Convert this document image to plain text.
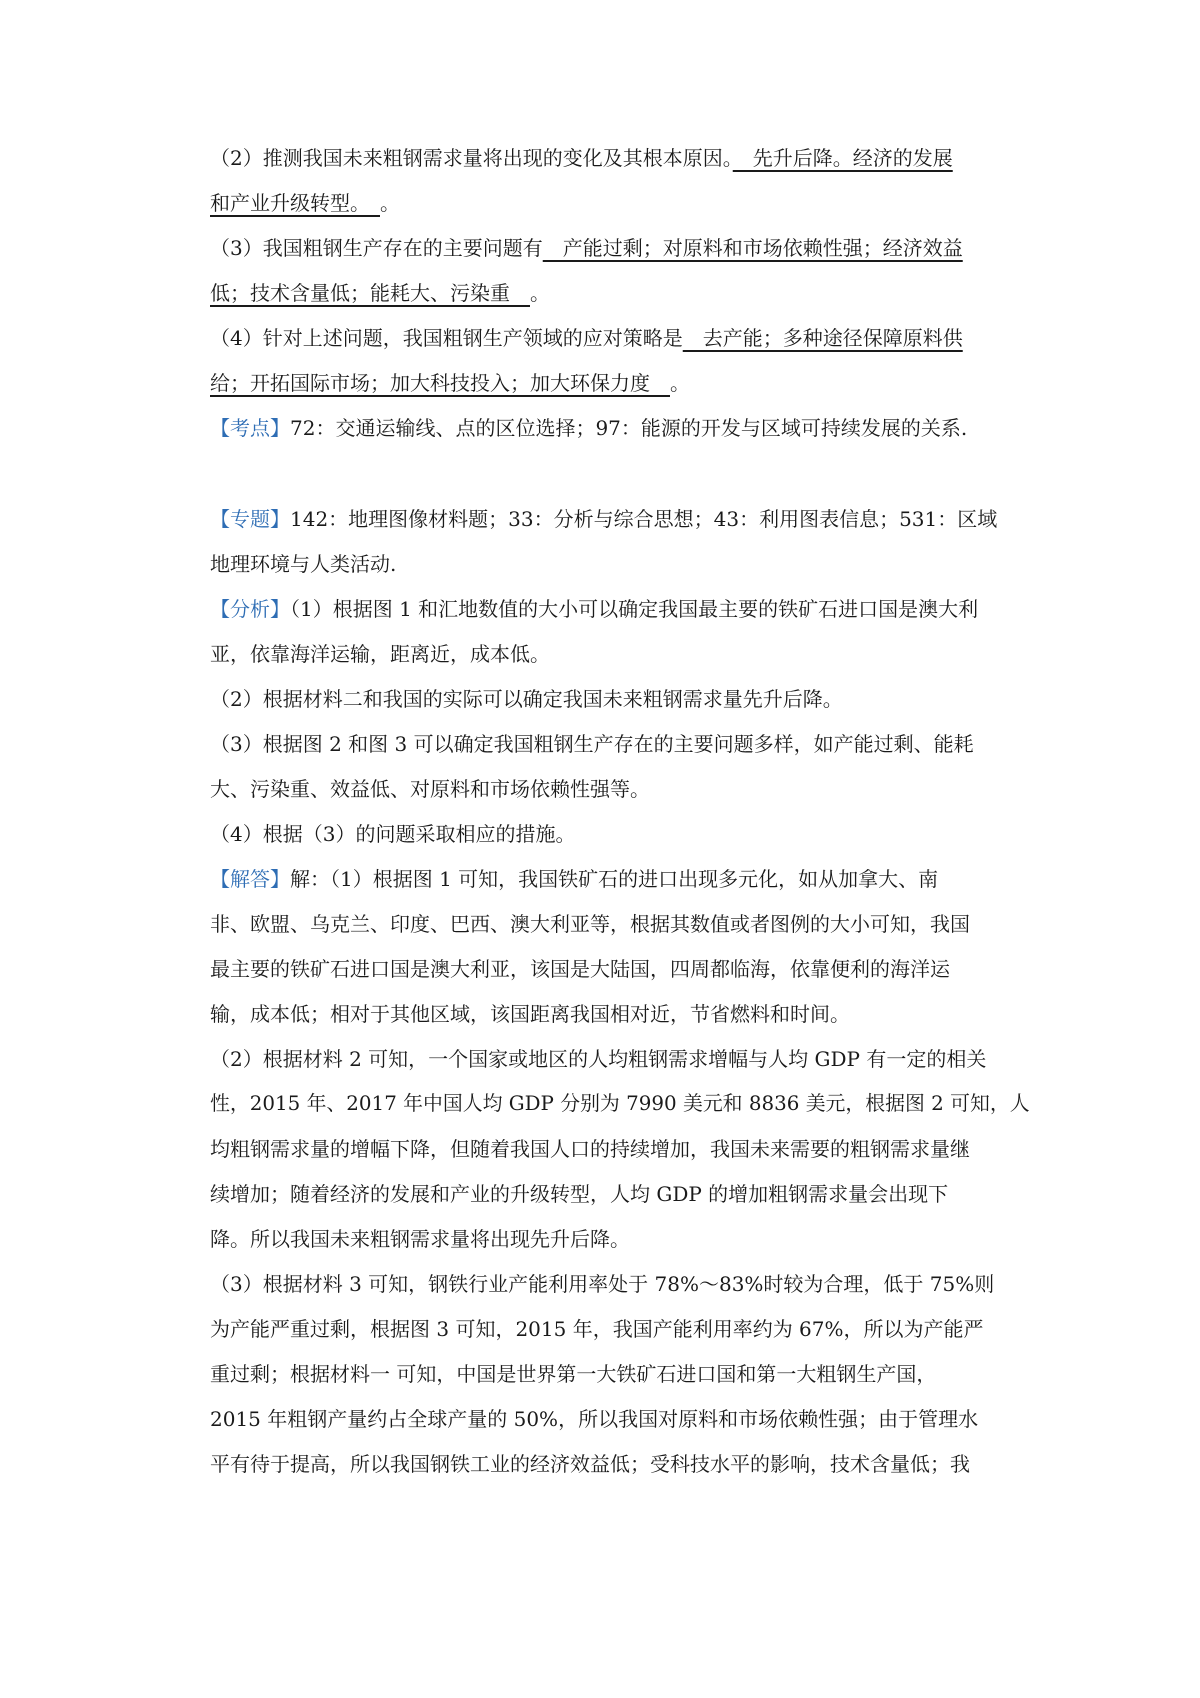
（2）推测我国未来粗钢需求量将出现的变化及其根本原因。　先升后降。经济的发展
和产业升级转型。　。
（3）我国粗钢生产存在的主要问题有　产能过剩；对原料和市场依赖性强；经济效益
低；技术含量低；能耗大、污染重　。
（4）针对上述问题，我国粗钢生产领域的应对策略是　去产能；多种途径保障原料供
给；开拓国际市场；加大科技投入；加大环保力度　。
【考点】72：交通运输线、点的区位选择；97：能源的开发与区域可持续发展的关系.
【专题】142：地理图像材料题；33：分析与综合思想；43：利用图表信息；531：区域
地理环境与人类活动.
【分析】（1）根据图 1 和汇地数值的大小可以确定我国最主要的铁矿石进口国是澳大利
亚，依靠海洋运输，距离近，成本低。
（2）根据材料二和我国的实际可以确定我国未来粗钢需求量先升后降。
（3）根据图 2 和图 3 可以确定我国粗钢生产存在的主要问题多样，如产能过剩、能耗
大、污染重、效益低、对原料和市场依赖性强等。
（4）根据（3）的问题采取相应的措施。
【解答】解：（1）根据图 1 可知，我国铁矿石的进口出现多元化，如从加拿大、南
非、欧盟、乌克兰、印度、巴西、澳大利亚等，根据其数值或者图例的大小可知，我国
最主要的铁矿石进口国是澳大利亚，该国是大陆国，四周都临海，依靠便利的海洋运
输，成本低；相对于其他区域，该国距离我国相对近，节省燃料和时间。
（2）根据材料 2 可知，一个国家或地区的人均粗钢需求增幅与人均 GDP 有一定的相关
性，2015 年、2017 年中国人均 GDP 分别为 7990 美元和 8836 美元，根据图 2 可知，人
均粗钢需求量的增幅下降，但随着我国人口的持续增加，我国未来需要的粗钢需求量继
续增加；随着经济的发展和产业的升级转型，人均 GDP 的增加粗钢需求量会出现下
降。所以我国未来粗钢需求量将出现先升后降。
（3）根据材料 3 可知，钢铁行业产能利用率处于 78%～83%时较为合理，低于 75%则
为产能严重过剩，根据图 3 可知，2015 年，我国产能利用率约为 67%，所以为产能严
重过剩；根据材料一 可知，中国是世界第一大铁矿石进口国和第一大粗钢生产国，
2015 年粗钢产量约占全球产量的 50%，所以我国对原料和市场依赖性强；由于管理水
平有待于提高，所以我国钢铁工业的经济效益低；受科技水平的影响，技术含量低；我
